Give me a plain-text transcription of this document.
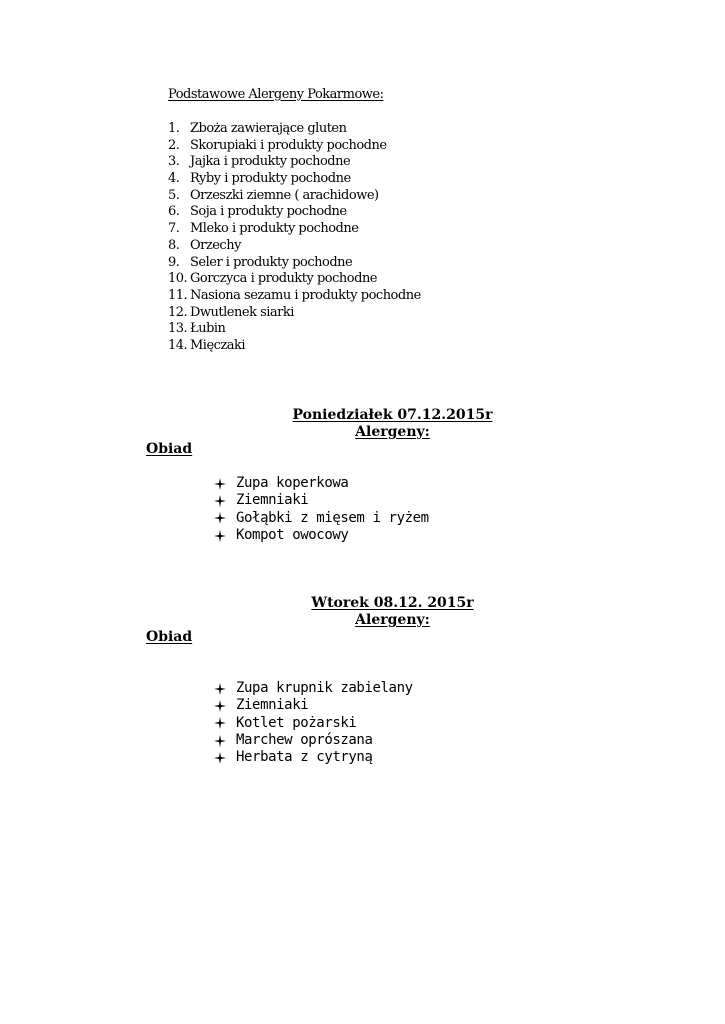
Podstawowe Alergeny Pokarmowe:
1. Zboża zawierające gluten
2. Skorupiaki i produkty pochodne
3. Jajka i produkty pochodne
4. Ryby i produkty pochodne
5. Orzeszki ziemne ( arachidowe)
6. Soja i produkty pochodne
7. Mleko i produkty pochodne
8. Orzechy
9. Seler i produkty pochodne
10. Gorczyca i produkty pochodne
11. Nasiona sezamu i produkty pochodne
12. Dwutlenek siarki
13. Łubin
14. Mięczaki
Poniedziałek 07.12.2015r
Alergeny:
Obiad
Zupa koperkowa
Ziemniaki
Gołąbki z mięsem i ryżem
Kompot owocowy
Wtorek 08.12. 2015r
Alergeny:
Obiad
Zupa krupnik zabielany
Ziemniaki
Kotlet pożarski
Marchew oprószana
Herbata z cytryną
